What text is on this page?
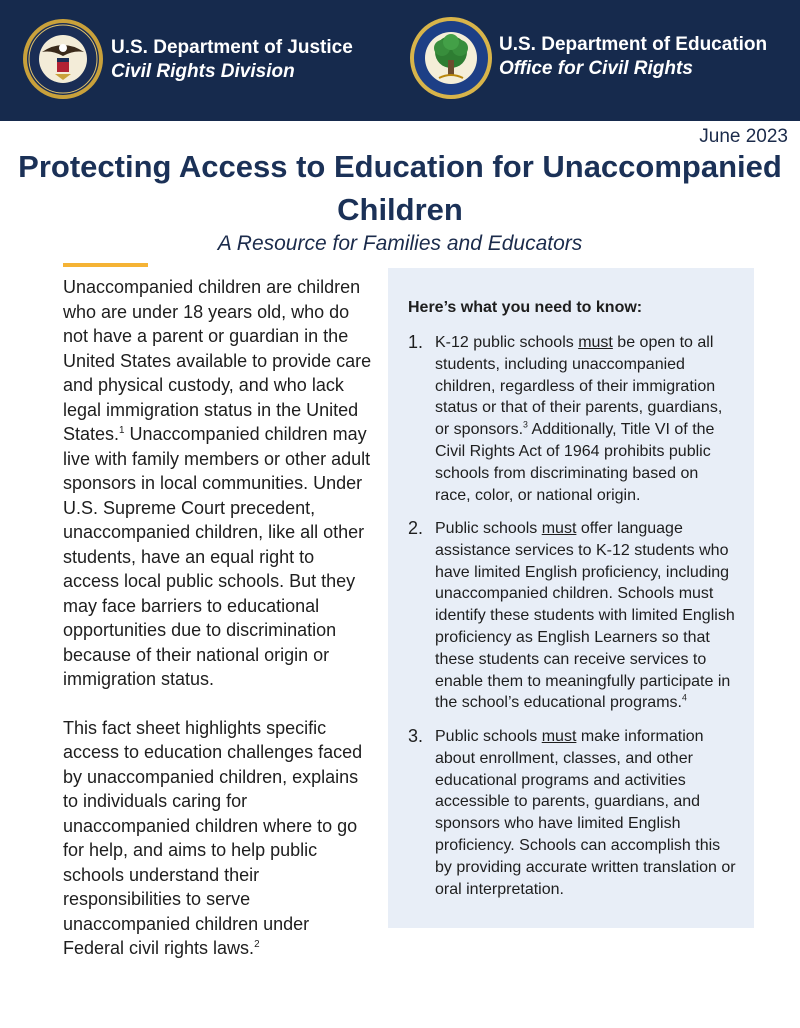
U.S. Department of Justice
Civil Rights Division
U.S. Department of Education
Office for Civil Rights
June 2023
Protecting Access to Education for Unaccompanied Children
A Resource for Families and Educators

Unaccompanied children are children who are under 18 years old, who do not have a parent or guardian in the United States available to provide care and physical custody, and who lack legal immigration status in the United States.$^1$ Unaccompanied children may live with family members or other adult sponsors in local communities. Under U.S. Supreme Court precedent, unaccompanied children, like all other students, have an equal right to access local public schools. But they may face barriers to educational opportunities due to discrimination because of their national origin or immigration status.

This fact sheet highlights specific access to education challenges faced by unaccompanied children, explains to individuals caring for unaccompanied children where to go for help, and aims to help public schools understand their responsibilities to serve unaccompanied children under Federal civil rights laws.$^2$

Here’s what you need to know:
1. K-12 public schools must be open to all students, including unaccompanied children, regardless of their immigration status or that of their parents, guardians, or sponsors.$^3$ Additionally, Title VI of the Civil Rights Act of 1964 prohibits public schools from discriminating based on race, color, or national origin.
2. Public schools must offer language assistance services to K-12 students who have limited English proficiency, including unaccompanied children. Schools must identify these students with limited English proficiency as English Learners so that these students can receive services to enable them to meaningfully participate in the school’s educational programs.$^4$
3. Public schools must make information about enrollment, classes, and other educational programs and activities accessible to parents, guardians, and sponsors who have limited English proficiency. Schools can accomplish this by providing accurate written translation or oral interpretation.
